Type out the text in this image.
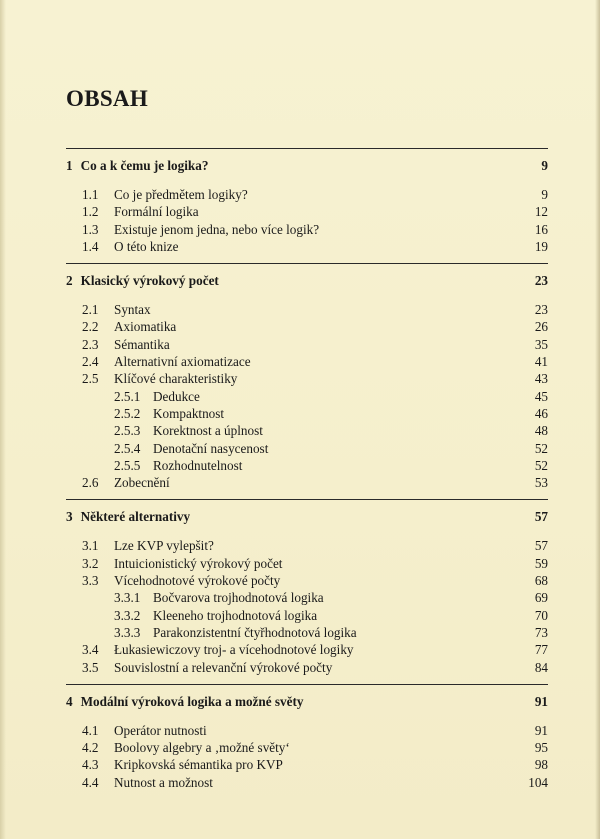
OBSAH
1 Co a k čemu je logika?	9
1.1	Co je předmětem logiky?	9
1.2	Formální logika	12
1.3	Existuje jenom jedna, nebo více logik?	16
1.4	O této knize	19
2 Klasický výrokový počet	23
2.1	Syntax	23
2.2	Axiomatika	26
2.3	Sémantika	35
2.4	Alternativní axiomatizace	41
2.5	Klíčové charakteristiky	43
2.5.1 Dedukce	45
2.5.2 Kompaktnost	46
2.5.3 Korektnost a úplnost	48
2.5.4 Denotační nasycenost	52
2.5.5 Rozhodnutelnost	52
2.6	Zobecnění	53
3 Některé alternativy	57
3.1	Lze KVP vylepšit?	57
3.2	Intuicionistický výrokový počet	59
3.3	Vícehodnotové výrokové počty	68
3.3.1 Bočvarova trojhodnotová logika	69
3.3.2 Kleeneho trojhodnotová logika	70
3.3.3 Parakonzistentní čtyřhodnotová logika	73
3.4	Łukasiewiczovy troj- a vícehodnotové logiky	77
3.5	Souvislostní a relevanční výrokové počty	84
4 Modální výroková logika a možné světy	91
4.1	Operátor nutnosti	91
4.2	Boolovy algebry a ‚možné světy‘	95
4.3	Kripkovská sémantika pro KVP	98
4.4	Nutnost a možnost	104
